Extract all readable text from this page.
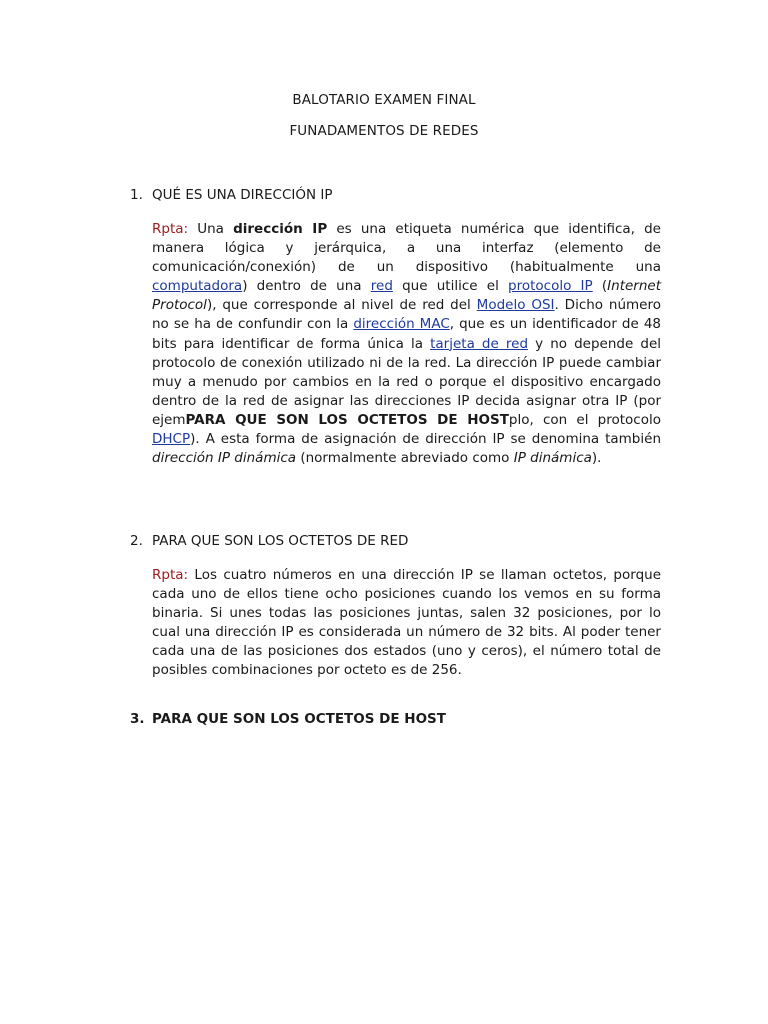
BALOTARIO EXAMEN FINAL
FUNADAMENTOS DE REDES
1. QUÉ ES UNA DIRECCIÓN IP
Rpta: Una dirección IP es una etiqueta numérica que identifica, de manera lógica y jerárquica, a una interfaz (elemento de comunicación/conexión) de un dispositivo (habitualmente una computadora) dentro de una red que utilice el protocolo IP (Internet Protocol), que corresponde al nivel de red del Modelo OSI. Dicho número no se ha de confundir con la dirección MAC, que es un identificador de 48 bits para identificar de forma única la tarjeta de red y no depende del protocolo de conexión utilizado ni de la red. La dirección IP puede cambiar muy a menudo por cambios en la red o porque el dispositivo encargado dentro de la red de asignar las direcciones IP decida asignar otra IP (por ejemPARA QUE SON LOS OCTETOS DE HOSTplo, con el protocolo DHCP). A esta forma de asignación de dirección IP se denomina también dirección IP dinámica (normalmente abreviado como IP dinámica).
2. PARA QUE SON LOS OCTETOS DE RED
Rpta: Los cuatro números en una dirección IP se llaman octetos, porque cada uno de ellos tiene ocho posiciones cuando los vemos en su forma binaria. Si unes todas las posiciones juntas, salen 32 posiciones, por lo cual una dirección IP es considerada un número de 32 bits. Al poder tener cada una de las posiciones dos estados (uno y ceros), el número total de posibles combinaciones por octeto es de 256.
3. PARA QUE SON LOS OCTETOS DE HOST
